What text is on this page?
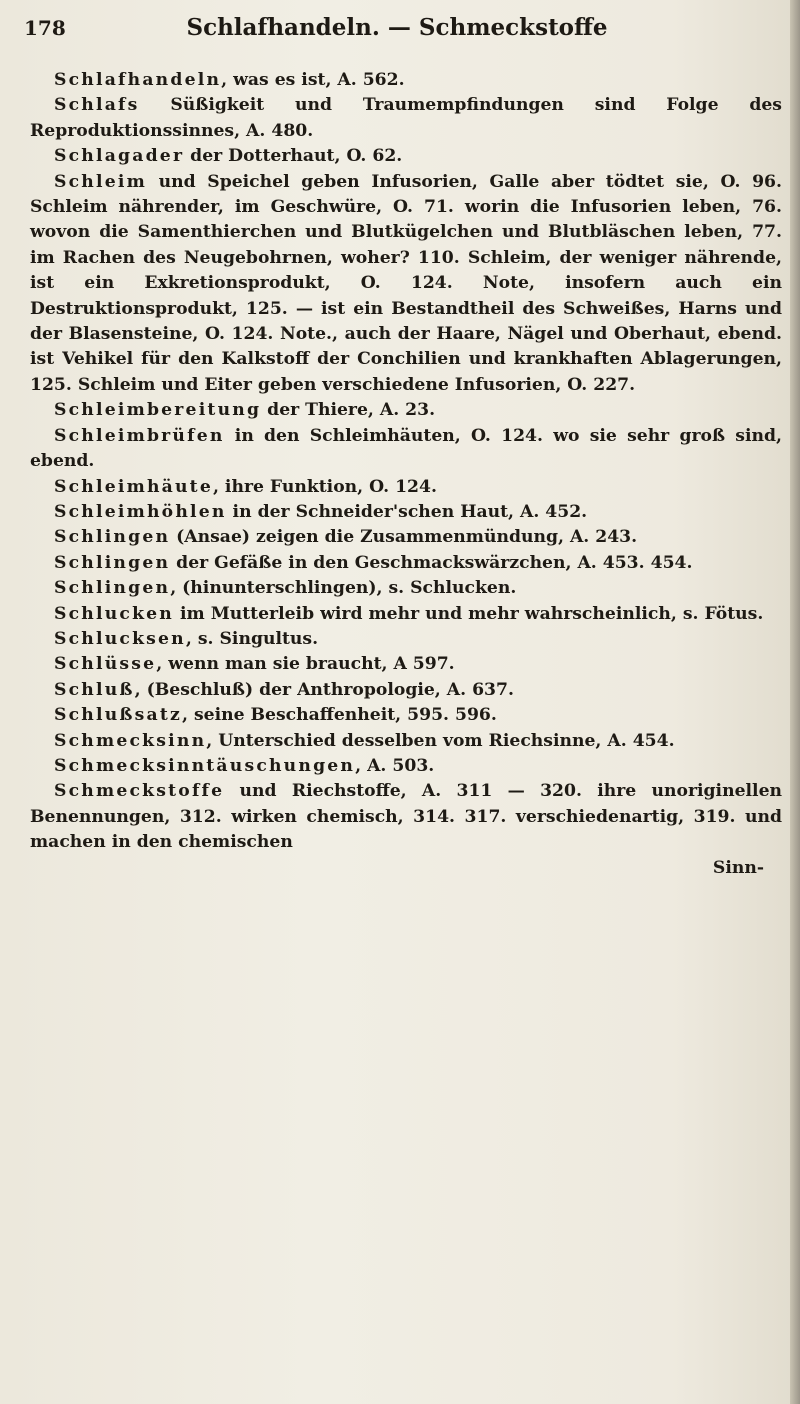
178	Schlafhandeln. — Schmeckstoffe

Schlafhandeln, was es ist, A. 562.

Schlafs Süßigkeit und Traumempfindungen sind Folge des Reproduktionssinnes, A. 480.

Schlagader der Dotterhaut, O. 62.

Schleim und Speichel geben Infusorien, Galle aber tödtet sie, O. 96. Schleim nährender, im Geschwüre, O. 71. worin die Infusorien leben, 76. wovon die Samenthierchen und Blutkügelchen und Blutbläschen leben, 77. im Rachen des Neugebohrnen, woher? 110. Schleim, der weniger nährende, ist ein Exkretionsprodukt, O. 124. Note, insofern auch ein Destruktionsprodukt, 125. — ist ein Bestandtheil des Schweißes, Harns und der Blasensteine, O. 124. Note., auch der Haare, Nägel und Oberhaut, ebend. ist Vehikel für den Kalkstoff der Conchilien und krankhaften Ablagerungen, 125. Schleim und Eiter geben verschiedene Infusorien, O. 227.

Schleimbereitung der Thiere, A. 23.

Schleimbrüfen in den Schleimhäuten, O. 124. wo sie sehr groß sind, ebend.

Schleimhäute, ihre Funktion, O. 124.

Schleimhöhlen in der Schneider'schen Haut, A. 452.

Schlingen (Ansae) zeigen die Zusammenmündung, A. 243.

Schlingen der Gefäße in den Geschmackswärzchen, A. 453. 454.

Schlingen, (hinunterschlingen), s. Schlucken.

Schlucken im Mutterleib wird mehr und mehr wahrscheinlich, s. Fötus.

Schlucksen, s. Singultus.

Schlüsse, wenn man sie braucht, A 597.

Schluß, (Beschluß) der Anthropologie, A. 637.

Schlußsatz, seine Beschaffenheit, 595. 596.

Schmecksinn, Unterschied desselben vom Riechsinne, A. 454.

Schmecksinntäuschungen, A. 503.

Schmeckstoffe und Riechstoffe, A. 311 — 320. ihre unoriginellen Benennungen, 312. wirken chemisch, 314. 317. verschiedenartig, 319. und machen in den chemischen

Sinn-
